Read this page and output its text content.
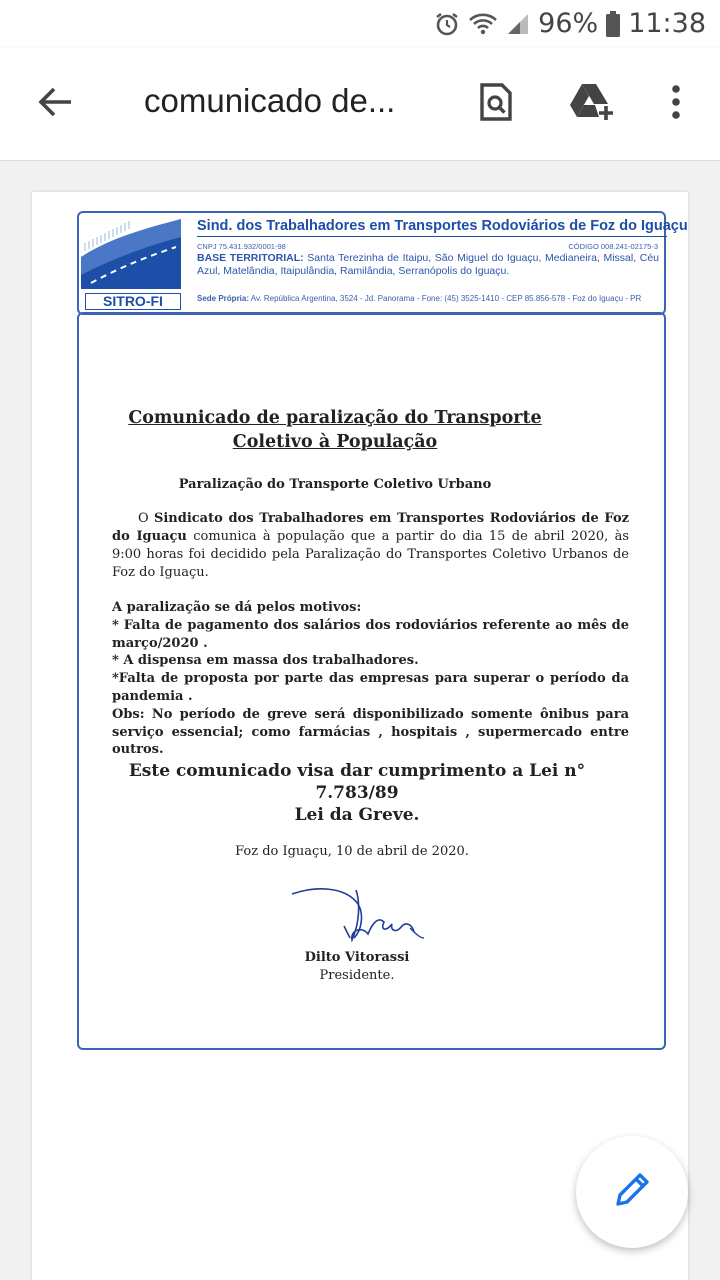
96% 11:38
comunicado de...
SITRO-FI
Sind. dos Trabalhadores em Transportes Rodoviários de Foz do Iguaçu
CNPJ 75.431.932/0001-98	CÓDIGO 008.241-02175-3
BASE TERRITORIAL: Santa Terezinha de Itaipu, São Miguel do Iguaçu, Medianeira, Missal, Céu Azul, Matelândia, Itaipulândia, Ramilândia, Serranópolis do Iguaçu.
Sede Própria: Av. República Argentina, 3524 - Jd. Panorama - Fone: (45) 3525-1410 - CEP 85.856-578 - Foz do Iguaçu - PR
Comunicado de paralização do Transporte Coletivo à População
Paralização do Transporte Coletivo Urbano
O Sindicato dos Trabalhadores em Transportes Rodoviários de Foz do Iguaçu comunica à população que a partir do dia 15 de abril 2020, às 9:00 horas foi decidido pela Paralização do Transportes Coletivo Urbanos de Foz do Iguaçu.
A paralização se dá pelos motivos:
* Falta de pagamento dos salários dos rodoviários referente ao mês de março/2020 .
* A dispensa em massa dos trabalhadores.
*Falta de proposta por parte das empresas para superar o período da pandemia .
Obs: No período de greve será disponibilizado somente ônibus para serviço essencial; como farmácias , hospitais , supermercado entre outros.
Este comunicado visa dar cumprimento a Lei n° 7.783/89
Lei da Greve.
Foz do Iguaçu, 10 de abril de 2020.
Dilto Vitorassi
Presidente.
